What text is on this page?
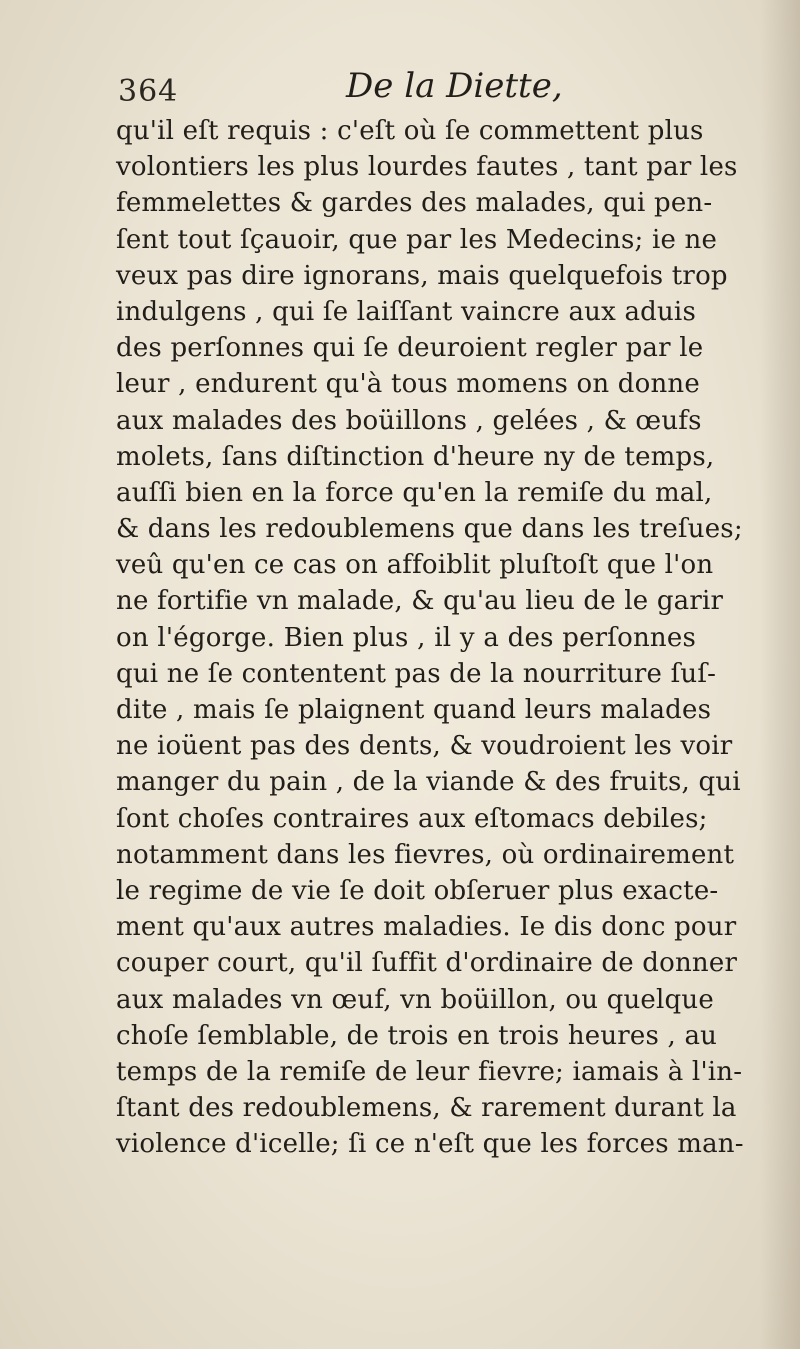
364	De la Diette,
qu'il eſt requis : c'eſt où ſe commettent plus
volontiers les plus lourdes fautes , tant par les
femmelettes & gardes des malades, qui pen-
ſent tout ſçauoir, que par les Medecins; ie ne
veux pas dire ignorans, mais quelquefois trop
indulgens , qui ſe laiſſant vaincre aux aduis
des perſonnes qui ſe deuroient regler par le
leur , endurent qu'à tous momens on donne
aux malades des boüillons , gelées , & œufs
molets, ſans diſtinction d'heure ny de temps,
auſſi bien en la force qu'en la remiſe du mal,
& dans les redoublemens que dans les treſues;
veû qu'en ce cas on affoiblit pluſtoſt que l'on
ne fortifie vn malade, & qu'au lieu de le garir
on l'égorge. Bien plus , il y a des perſonnes
qui ne ſe contentent pas de la nourriture ſuſ-
dite , mais ſe plaignent quand leurs malades
ne ioüent pas des dents, & voudroient les voir
manger du pain , de la viande & des fruits, qui
ſont choſes contraires aux eſtomacs debiles;
notamment dans les fievres, où ordinairement
le regime de vie ſe doit obſeruer plus exacte-
ment qu'aux autres maladies. Ie dis donc pour
couper court, qu'il ſuffit d'ordinaire de donner
aux malades vn œuf, vn boüillon, ou quelque
choſe ſemblable, de trois en trois heures , au
temps de la remiſe de leur fievre; iamais à l'in-
ſtant des redoublemens, & rarement durant la
violence d'icelle; ſi ce n'eſt que les forces man-
